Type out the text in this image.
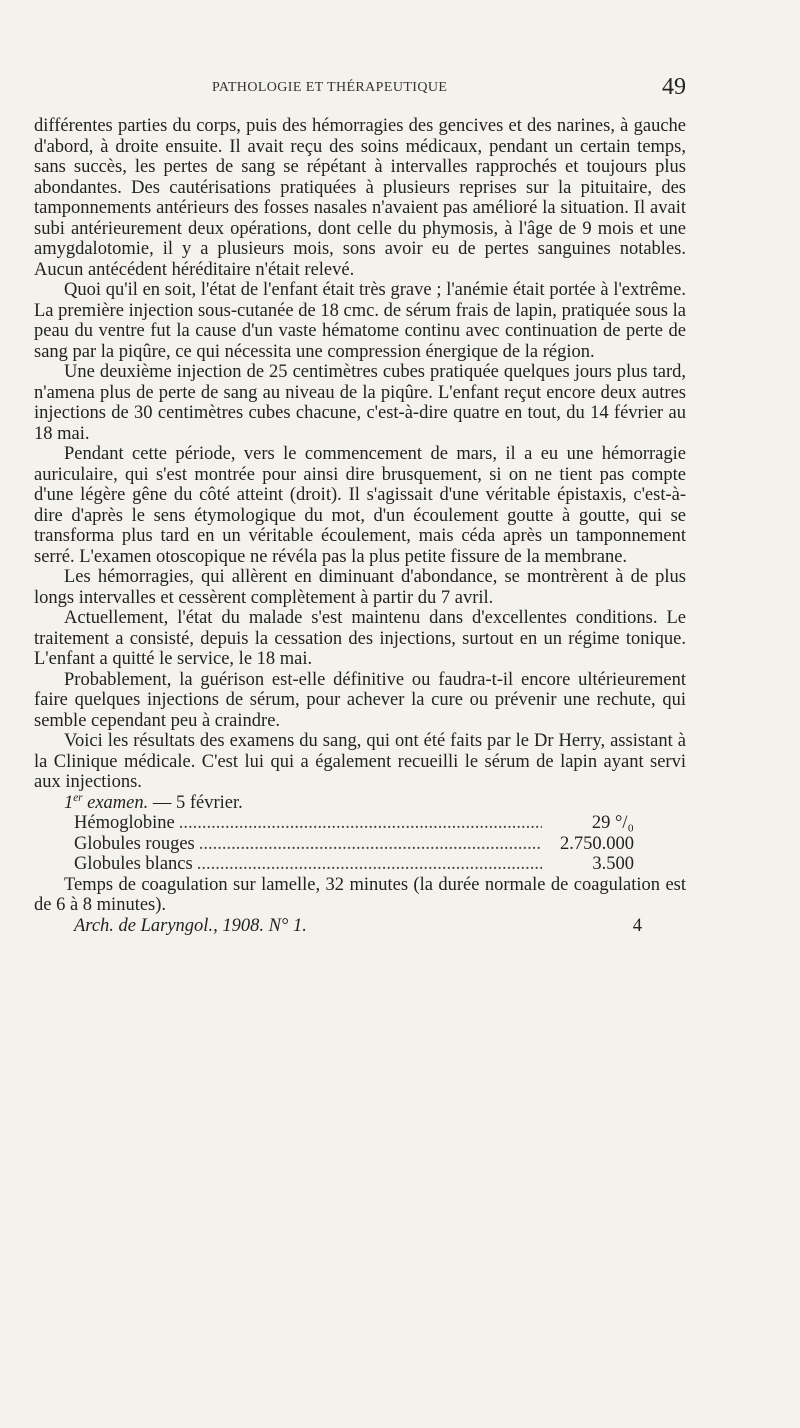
PATHOLOGIE ET THÉRAPEUTIQUE	49

différentes parties du corps, puis des hémorragies des gencives et des narines, à gauche d'abord, à droite ensuite. Il avait reçu des soins médicaux, pendant un certain temps, sans succès, les pertes de sang se répétant à intervalles rapprochés et toujours plus abondantes. Des cautérisations pratiquées à plusieurs reprises sur la pituitaire, des tamponnements antérieurs des fosses nasales n'avaient pas amélioré la situation. Il avait subi antérieurement deux opérations, dont celle du phymosis, à l'âge de 9 mois et une amygdalotomie, il y a plusieurs mois, sons avoir eu de pertes sanguines notables. Aucun antécédent héréditaire n'était relevé.

Quoi qu'il en soit, l'état de l'enfant était très grave ; l'anémie était portée à l'extrême. La première injection sous-cutanée de 18 cmc. de sérum frais de lapin, pratiquée sous la peau du ventre fut la cause d'un vaste hématome continu avec continuation de perte de sang par la piqûre, ce qui nécessita une compression énergique de la région.

Une deuxième injection de 25 centimètres cubes pratiquée quelques jours plus tard, n'amena plus de perte de sang au niveau de la piqûre. L'enfant reçut encore deux autres injections de 30 centimètres cubes chacune, c'est-à-dire quatre en tout, du 14 février au 18 mai.

Pendant cette période, vers le commencement de mars, il a eu une hémorragie auriculaire, qui s'est montrée pour ainsi dire brusquement, si on ne tient pas compte d'une légère gêne du côté atteint (droit). Il s'agissait d'une véritable épistaxis, c'est-à-dire d'après le sens étymologique du mot, d'un écoulement goutte à goutte, qui se transforma plus tard en un véritable écoulement, mais céda après un tamponnement serré. L'examen otoscopique ne révéla pas la plus petite fissure de la membrane.

Les hémorragies, qui allèrent en diminuant d'abondance, se montrèrent à de plus longs intervalles et cessèrent complètement à partir du 7 avril.

Actuellement, l'état du malade s'est maintenu dans d'excellentes conditions. Le traitement a consisté, depuis la cessation des injections, surtout en un régime tonique. L'enfant a quitté le service, le 18 mai.

Probablement, la guérison est-elle définitive ou faudra-t-il encore ultérieurement faire quelques injections de sérum, pour achever la cure ou prévenir une rechute, qui semble cependant peu à craindre.

Voici les résultats des examens du sang, qui ont été faits par le Dr Herry, assistant à la Clinique médicale. C'est lui qui a également recueilli le sérum de lapin ayant servi aux injections.

1er examen. — 5 février.

Hémoglobine .....	29 °/₀
Globules rouges .....	2.750.000
Globules blancs .....	3.500

Temps de coagulation sur lamelle, 32 minutes (la durée normale de coagulation est de 6 à 8 minutes).

Arch. de Laryngol., 1908. N° 1.	4
